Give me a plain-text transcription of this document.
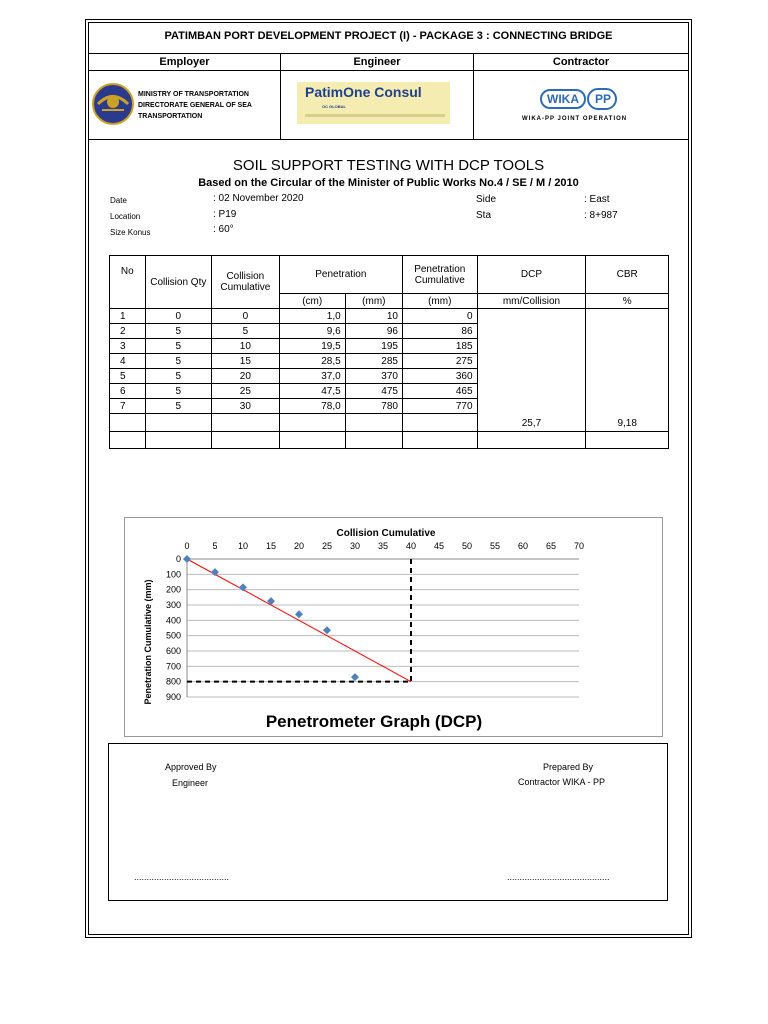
PATIMBAN PORT DEVELOPMENT PROJECT (I) - PACKAGE 3 : CONNECTING BRIDGE
Employer	Engineer	Contractor
MINISTRY OF TRANSPORTATION
DIRECTORATE GENERAL OF SEA
TRANSPORTATION
PatimOne Consul
OC GLOBAL
WIKA PP
WIKA-PP JOINT OPERATION
SOIL SUPPORT TESTING WITH DCP TOOLS
Based on the Circular of the Minister of Public Works No.4 / SE / M / 2010
Date	: 02 November 2020
Location	: P19
Size Konus	: 60°
Side	: East
Sta	: 8+987
No	Collision Qty	Collision Cumulative	Penetration		Penetration Cumulative	DCP	CBR
			(cm)	(mm)	(mm)	mm/Collision	%
1	0	0	1,0	10	0	25,7	9,18
2	5	5	9,6	96	86		
3	5	10	19,5	195	185		
4	5	15	28,5	285	275		
5	5	20	37,0	370	360		
6	5	25	47,5	475	465		
7	5	30	78,0	780	770		

0	5 10 15 20 25 30 35 40 45 50 55 60 65 70
0
100
200
300
400
500
600
700
800
900
Collision Cumulative
Penetration Cumulative (mm)
Penetrometer Graph (DCP)
Approved By
Engineer
Prepared By
Contractor WIKA - PP
......................................	.........................................
